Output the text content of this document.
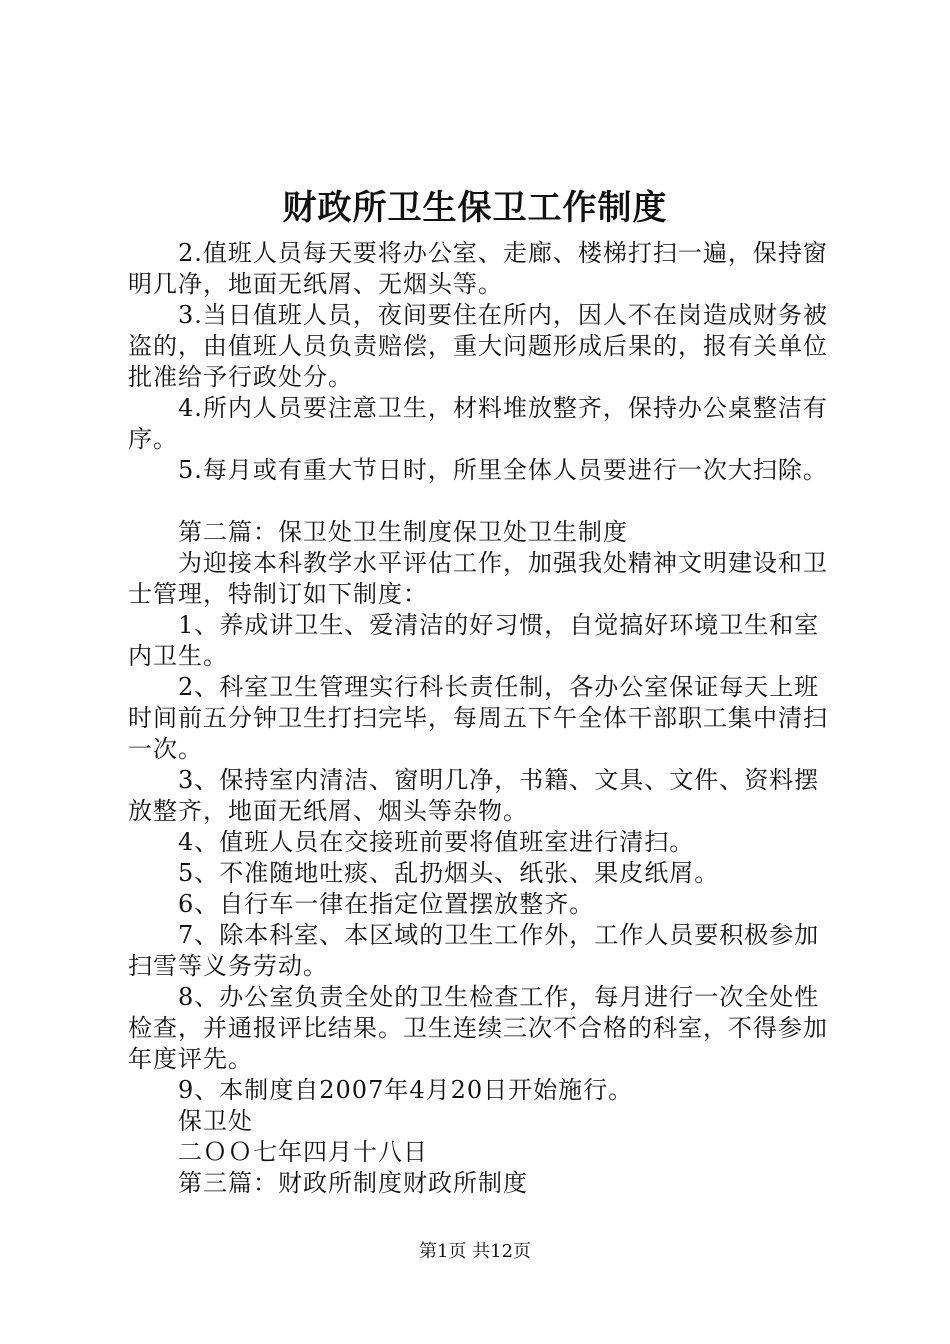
财政所卫生保卫工作制度

2.值班人员每天要将办公室、走廊、楼梯打扫一遍，保持窗明几净，地面无纸屑、无烟头等。

3.当日值班人员，夜间要住在所内，因人不在岗造成财务被盗的，由值班人员负责赔偿，重大问题形成后果的，报有关单位批准给予行政处分。

4.所内人员要注意卫生，材料堆放整齐，保持办公桌整洁有序。

5.每月或有重大节日时，所里全体人员要进行一次大扫除。

第二篇：保卫处卫生制度保卫处卫生制度

为迎接本科教学水平评估工作，加强我处精神文明建设和卫士管理，特制订如下制度：

1、养成讲卫生、爱清洁的好习惯，自觉搞好环境卫生和室内卫生。

2、科室卫生管理实行科长责任制，各办公室保证每天上班时间前五分钟卫生打扫完毕，每周五下午全体干部职工集中清扫一次。

3、保持室内清洁、窗明几净，书籍、文具、文件、资料摆放整齐，地面无纸屑、烟头等杂物。

4、值班人员在交接班前要将值班室进行清扫。

5、不准随地吐痰、乱扔烟头、纸张、果皮纸屑。

6、自行车一律在指定位置摆放整齐。

7、除本科室、本区域的卫生工作外，工作人员要积极参加扫雪等义务劳动。

8、办公室负责全处的卫生检查工作，每月进行一次全处性检查，并通报评比结果。卫生连续三次不合格的科室，不得参加年度评先。

9、本制度自2007年4月20日开始施行。

保卫处

二ＯＯ七年四月十八日

第三篇：财政所制度财政所制度

第1页 共12页
